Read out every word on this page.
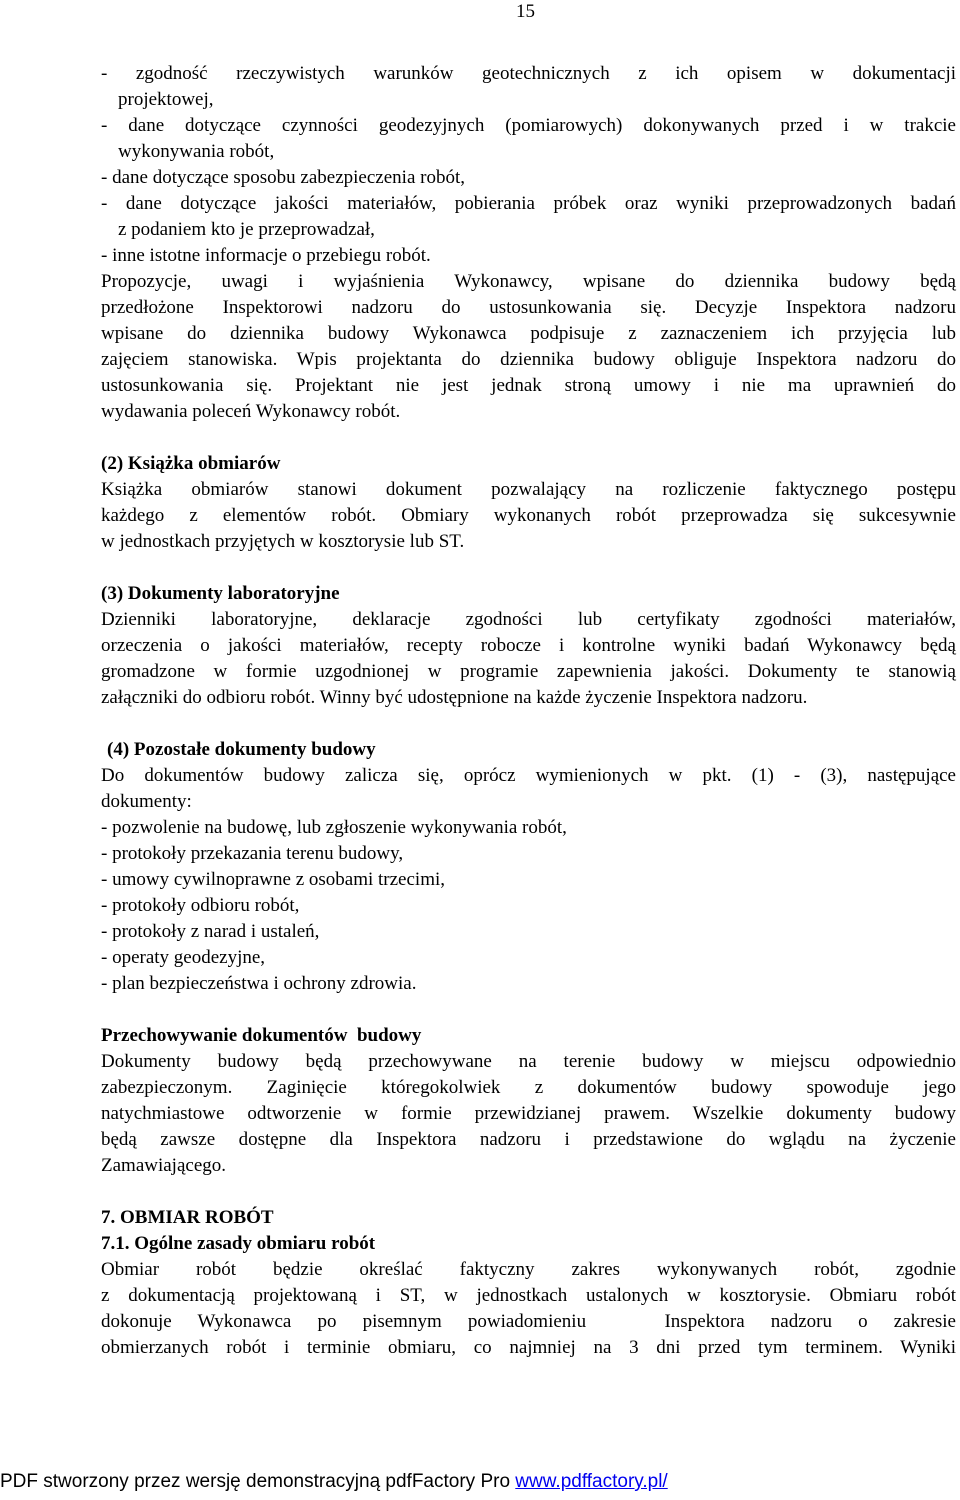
15
- zgodność rzeczywistych warunków geotechnicznych z ich opisem w dokumentacji
projektowej,
- dane dotyczące czynności geodezyjnych (pomiarowych) dokonywanych przed i w trakcie
wykonywania robót,
- dane dotyczące sposobu zabezpieczenia robót,
- dane dotyczące jakości materiałów, pobierania próbek oraz wyniki przeprowadzonych badań
z podaniem kto je przeprowadzał,
- inne istotne informacje o przebiegu robót.
Propozycje, uwagi i wyjaśnienia Wykonawcy, wpisane do dziennika budowy będą
przedłożone Inspektorowi nadzoru do ustosunkowania się. Decyzje Inspektora nadzoru
wpisane do dziennika budowy Wykonawca podpisuje z zaznaczeniem ich przyjęcia lub
zajęciem stanowiska. Wpis projektanta do dziennika budowy obliguje Inspektora nadzoru do
ustosunkowania się. Projektant nie jest jednak stroną umowy i nie ma uprawnień do
wydawania poleceń Wykonawcy robót.
(2) Książka obmiarów
Książka obmiarów stanowi dokument pozwalający na rozliczenie faktycznego postępu
każdego z elementów robót. Obmiary wykonanych robót przeprowadza się sukcesywnie
w jednostkach przyjętych w kosztorysie lub ST.
(3) Dokumenty laboratoryjne
Dzienniki laboratoryjne, deklaracje zgodności lub certyfikaty zgodności materiałów,
orzeczenia o jakości materiałów, recepty robocze i kontrolne wyniki badań Wykonawcy będą
gromadzone w formie uzgodnionej w programie zapewnienia jakości. Dokumenty te stanowią
załączniki do odbioru robót. Winny być udostępnione na każde życzenie Inspektora nadzoru.
(4) Pozostałe dokumenty budowy
Do dokumentów budowy zalicza się, oprócz wymienionych w pkt. (1) - (3), następujące
dokumenty:
- pozwolenie na budowę, lub zgłoszenie wykonywania robót,
- protokoły przekazania terenu budowy,
- umowy cywilnoprawne z osobami trzecimi,
- protokoły odbioru robót,
- protokoły z narad i ustaleń,
- operaty geodezyjne,
- plan bezpieczeństwa i ochrony zdrowia.
Przechowywanie dokumentów  budowy
Dokumenty budowy będą przechowywane na terenie budowy w miejscu odpowiednio
zabezpieczonym. Zaginięcie któregokolwiek z dokumentów budowy spowoduje jego
natychmiastowe odtworzenie w formie przewidzianej prawem. Wszelkie dokumenty budowy
będą zawsze dostępne dla Inspektora nadzoru i przedstawione do wglądu na życzenie
Zamawiającego.
7. OBMIAR ROBÓT
7.1. Ogólne zasady obmiaru robót
Obmiar robót będzie określać faktyczny zakres wykonywanych robót, zgodnie
z dokumentacją projektowaną i ST, w jednostkach ustalonych w kosztorysie. Obmiaru robót
dokonuje Wykonawca po pisemnym powiadomieniu   Inspektora nadzoru o zakresie
obmierzanych robót i terminie obmiaru, co najmniej na 3 dni przed tym terminem. Wyniki
PDF stworzony przez wersję demonstracyjną pdfFactory Pro www.pdffactory.pl/
